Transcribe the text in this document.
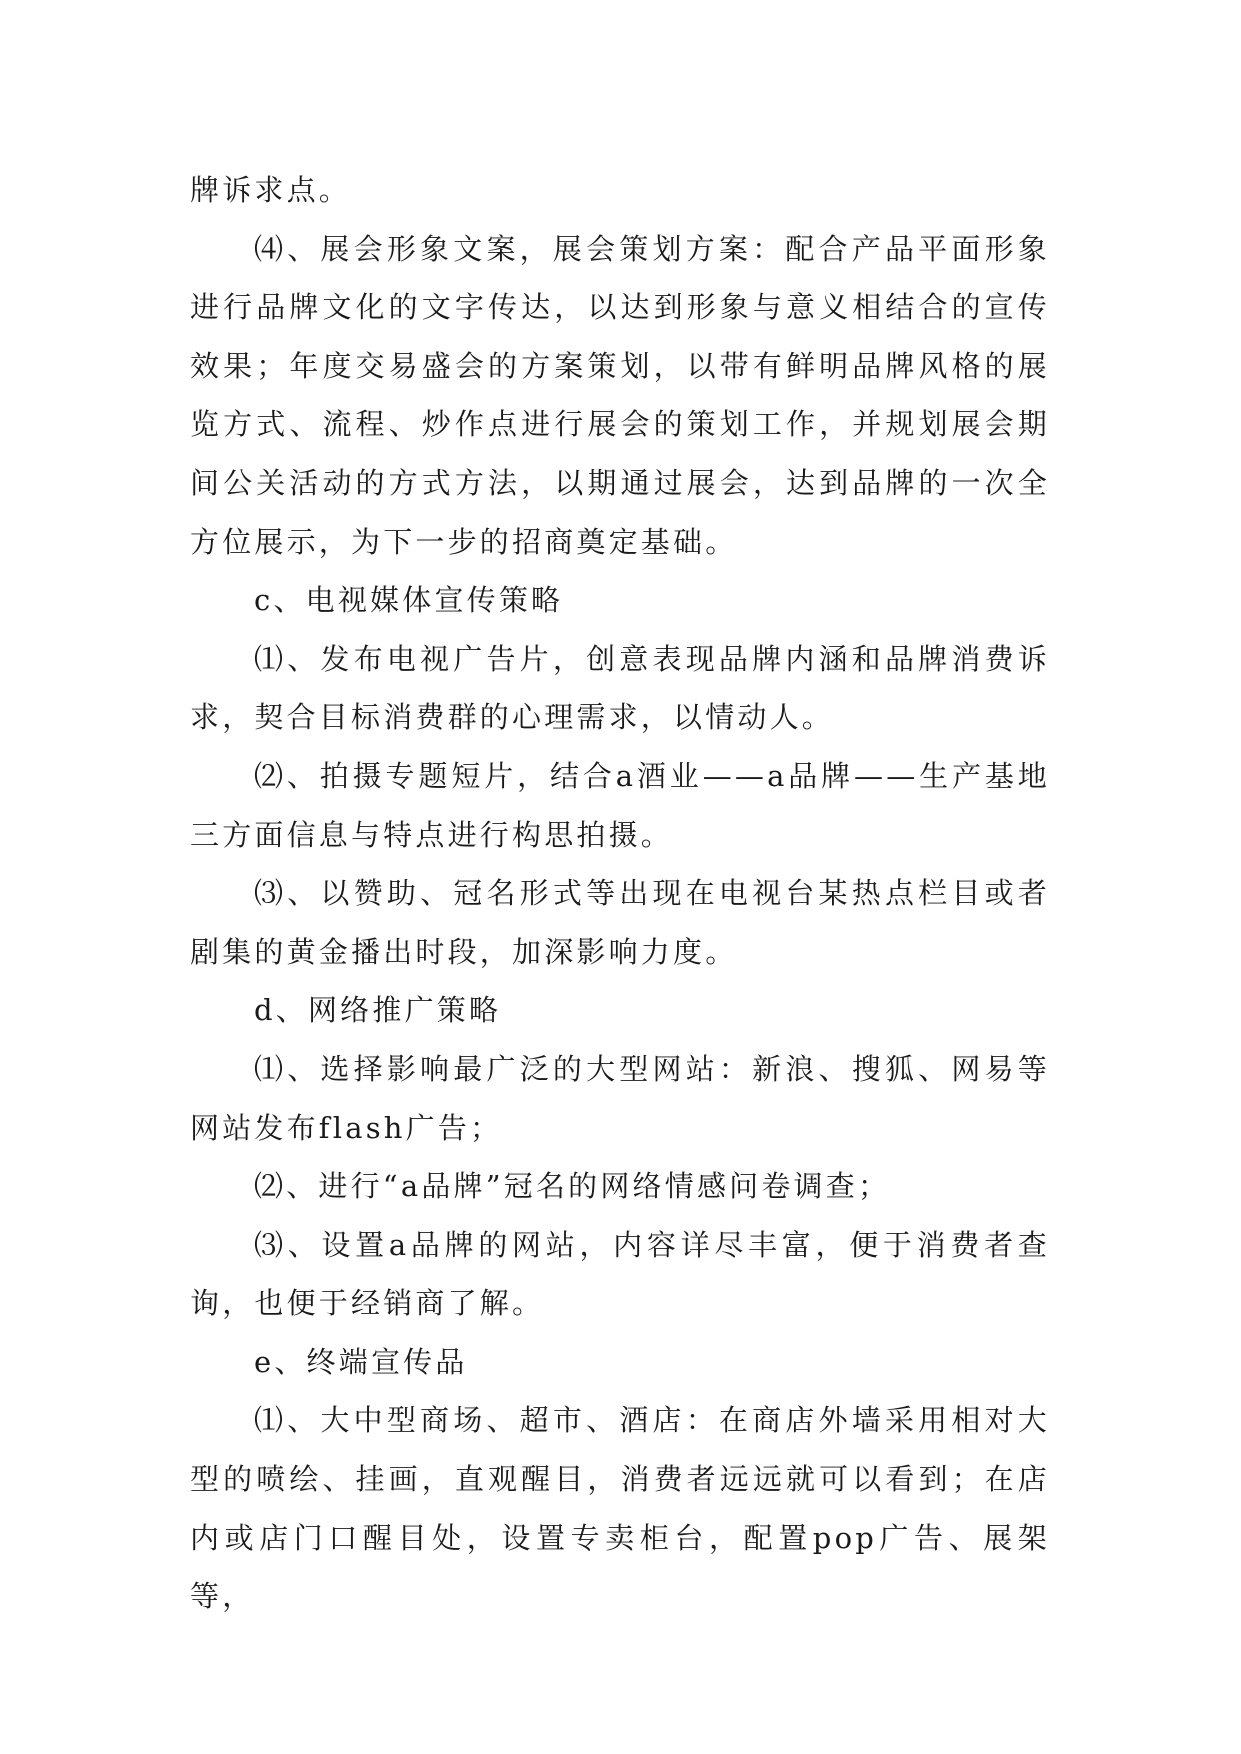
牌诉求点。

⑷、展会形象文案，展会策划方案：配合产品平面形象进行品牌文化的文字传达，以达到形象与意义相结合的宣传效果；年度交易盛会的方案策划，以带有鲜明品牌风格的展览方式、流程、炒作点进行展会的策划工作，并规划展会期间公关活动的方式方法，以期通过展会，达到品牌的一次全方位展示，为下一步的招商奠定基础。

c、电视媒体宣传策略

⑴、发布电视广告片，创意表现品牌内涵和品牌消费诉求，契合目标消费群的心理需求，以情动人。

⑵、拍摄专题短片，结合a酒业——a品牌——生产基地三方面信息与特点进行构思拍摄。

⑶、以赞助、冠名形式等出现在电视台某热点栏目或者剧集的黄金播出时段，加深影响力度。

d、网络推广策略

⑴、选择影响最广泛的大型网站：新浪、搜狐、网易等网站发布flash广告；

⑵、进行“a品牌”冠名的网络情感问卷调查；

⑶、设置a品牌的网站，内容详尽丰富，便于消费者查询，也便于经销商了解。

e、终端宣传品

⑴、大中型商场、超市、酒店：在商店外墙采用相对大型的喷绘、挂画，直观醒目，消费者远远就可以看到；在店内或店门口醒目处，设置专卖柜台，配置pop广告、展架等，
